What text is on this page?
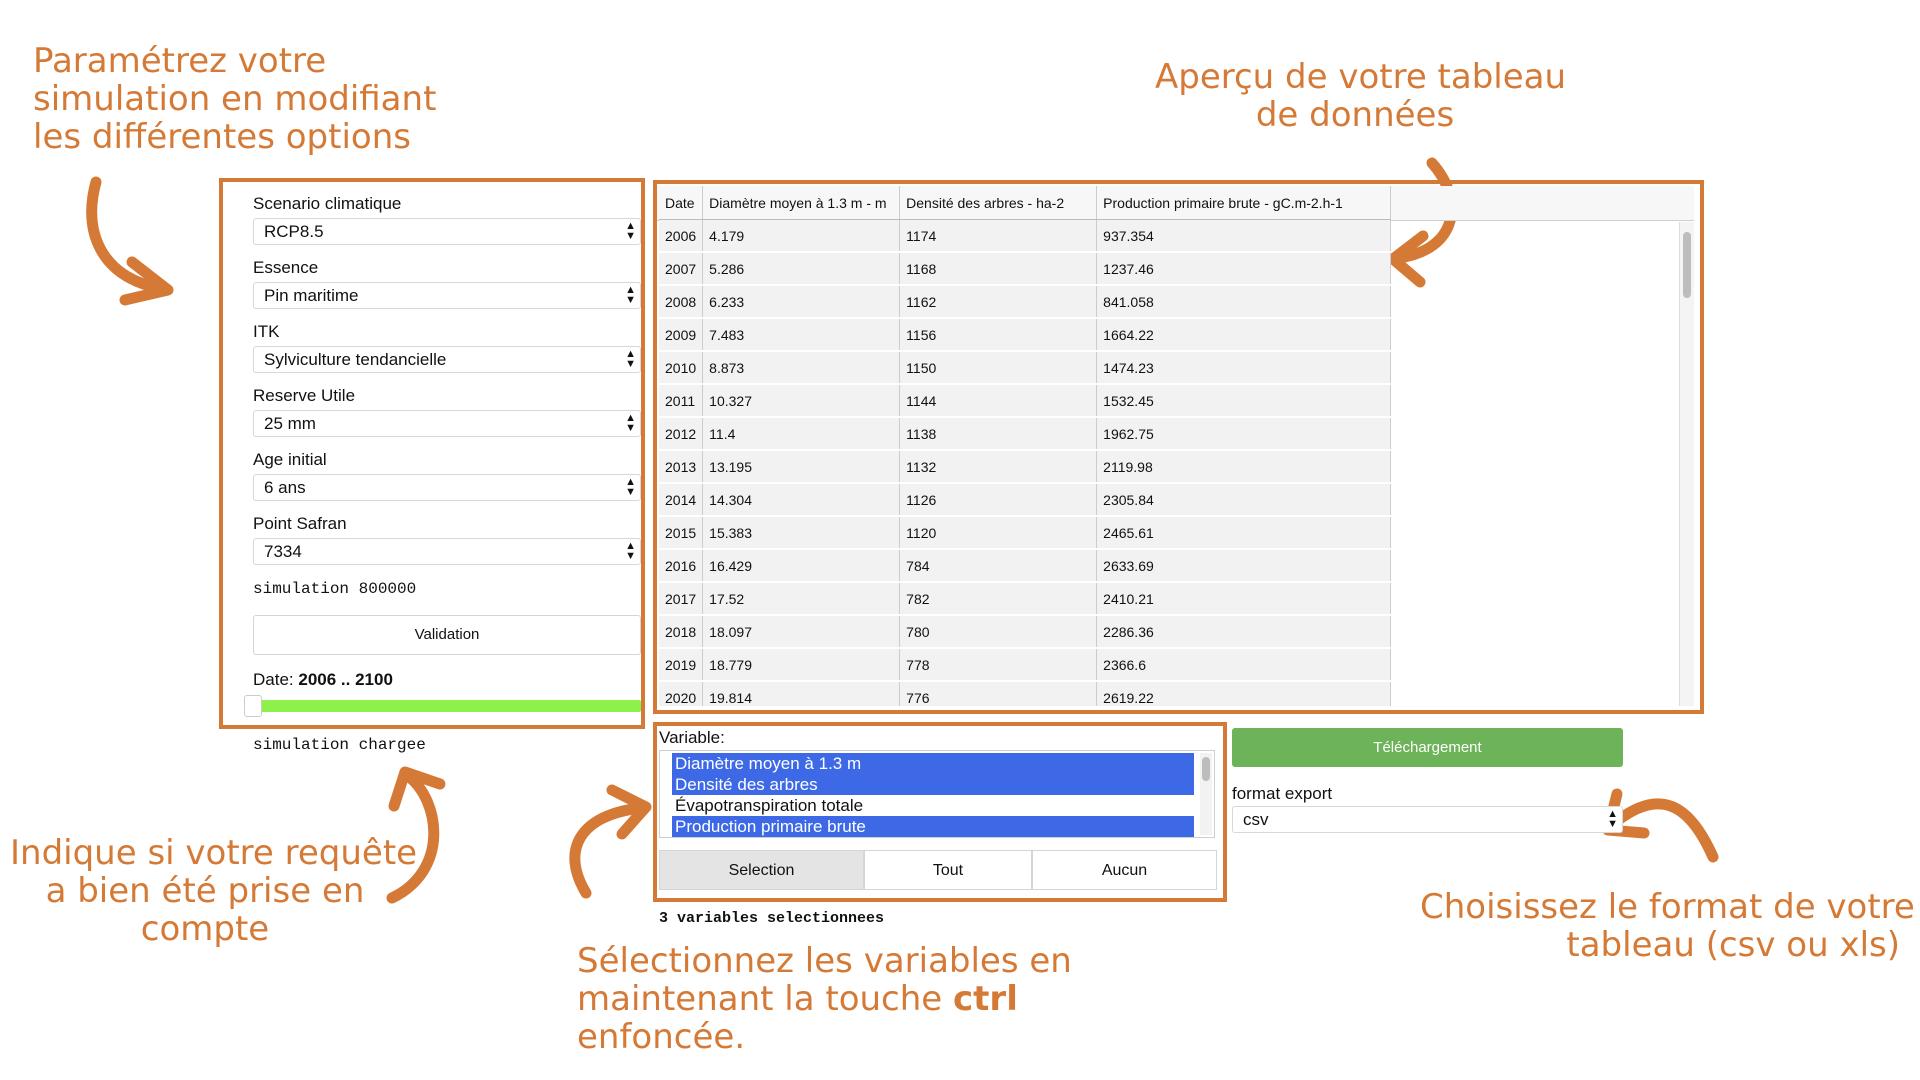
Paramétrez votre
simulation en modifiant
les différentes options
Aperçu de votre tableau
de données
Indique si votre requête
a bien été prise en
compte
Sélectionnez les variables en
maintenant la touche ctrl
enfoncée.
Choisissez le format de votre
tableau (csv ou xls)
Scenario climatique
RCP8.5	▲
▼
Essence
Pin maritime	▲
▼
ITK
Sylviculture tendancielle	▲
▼
Reserve Utile
25 mm	▲
▼
Age initial
6 ans	▲
▼
Point Safran
7334	▲
▼
simulation 800000
Validation
Date: 2006 .. 2100
simulation chargee
Date	Diamètre moyen à 1.3 m - m	Densité des arbres - ha-2	Production primaire brute - gC.m-2.h-1
2006	4.179	1174	937.354
2007	5.286	1168	1237.46
2008	6.233	1162	841.058
2009	7.483	1156	1664.22
2010	8.873	1150	1474.23
2011	10.327	1144	1532.45
2012	11.4	1138	1962.75
2013	13.195	1132	2119.98
2014	14.304	1126	2305.84
2015	15.383	1120	2465.61
2016	16.429	784	2633.69
2017	17.52	782	2410.21
2018	18.097	780	2286.36
2019	18.779	778	2366.6
2020	19.814	776	2619.22
Variable:
Diamètre moyen à 1.3 m
Densité des arbres
Évapotranspiration totale
Production primaire brute
Selection	Tout	Aucun
3 variables selectionnees
Téléchargement
format export
csv	▲
▼
